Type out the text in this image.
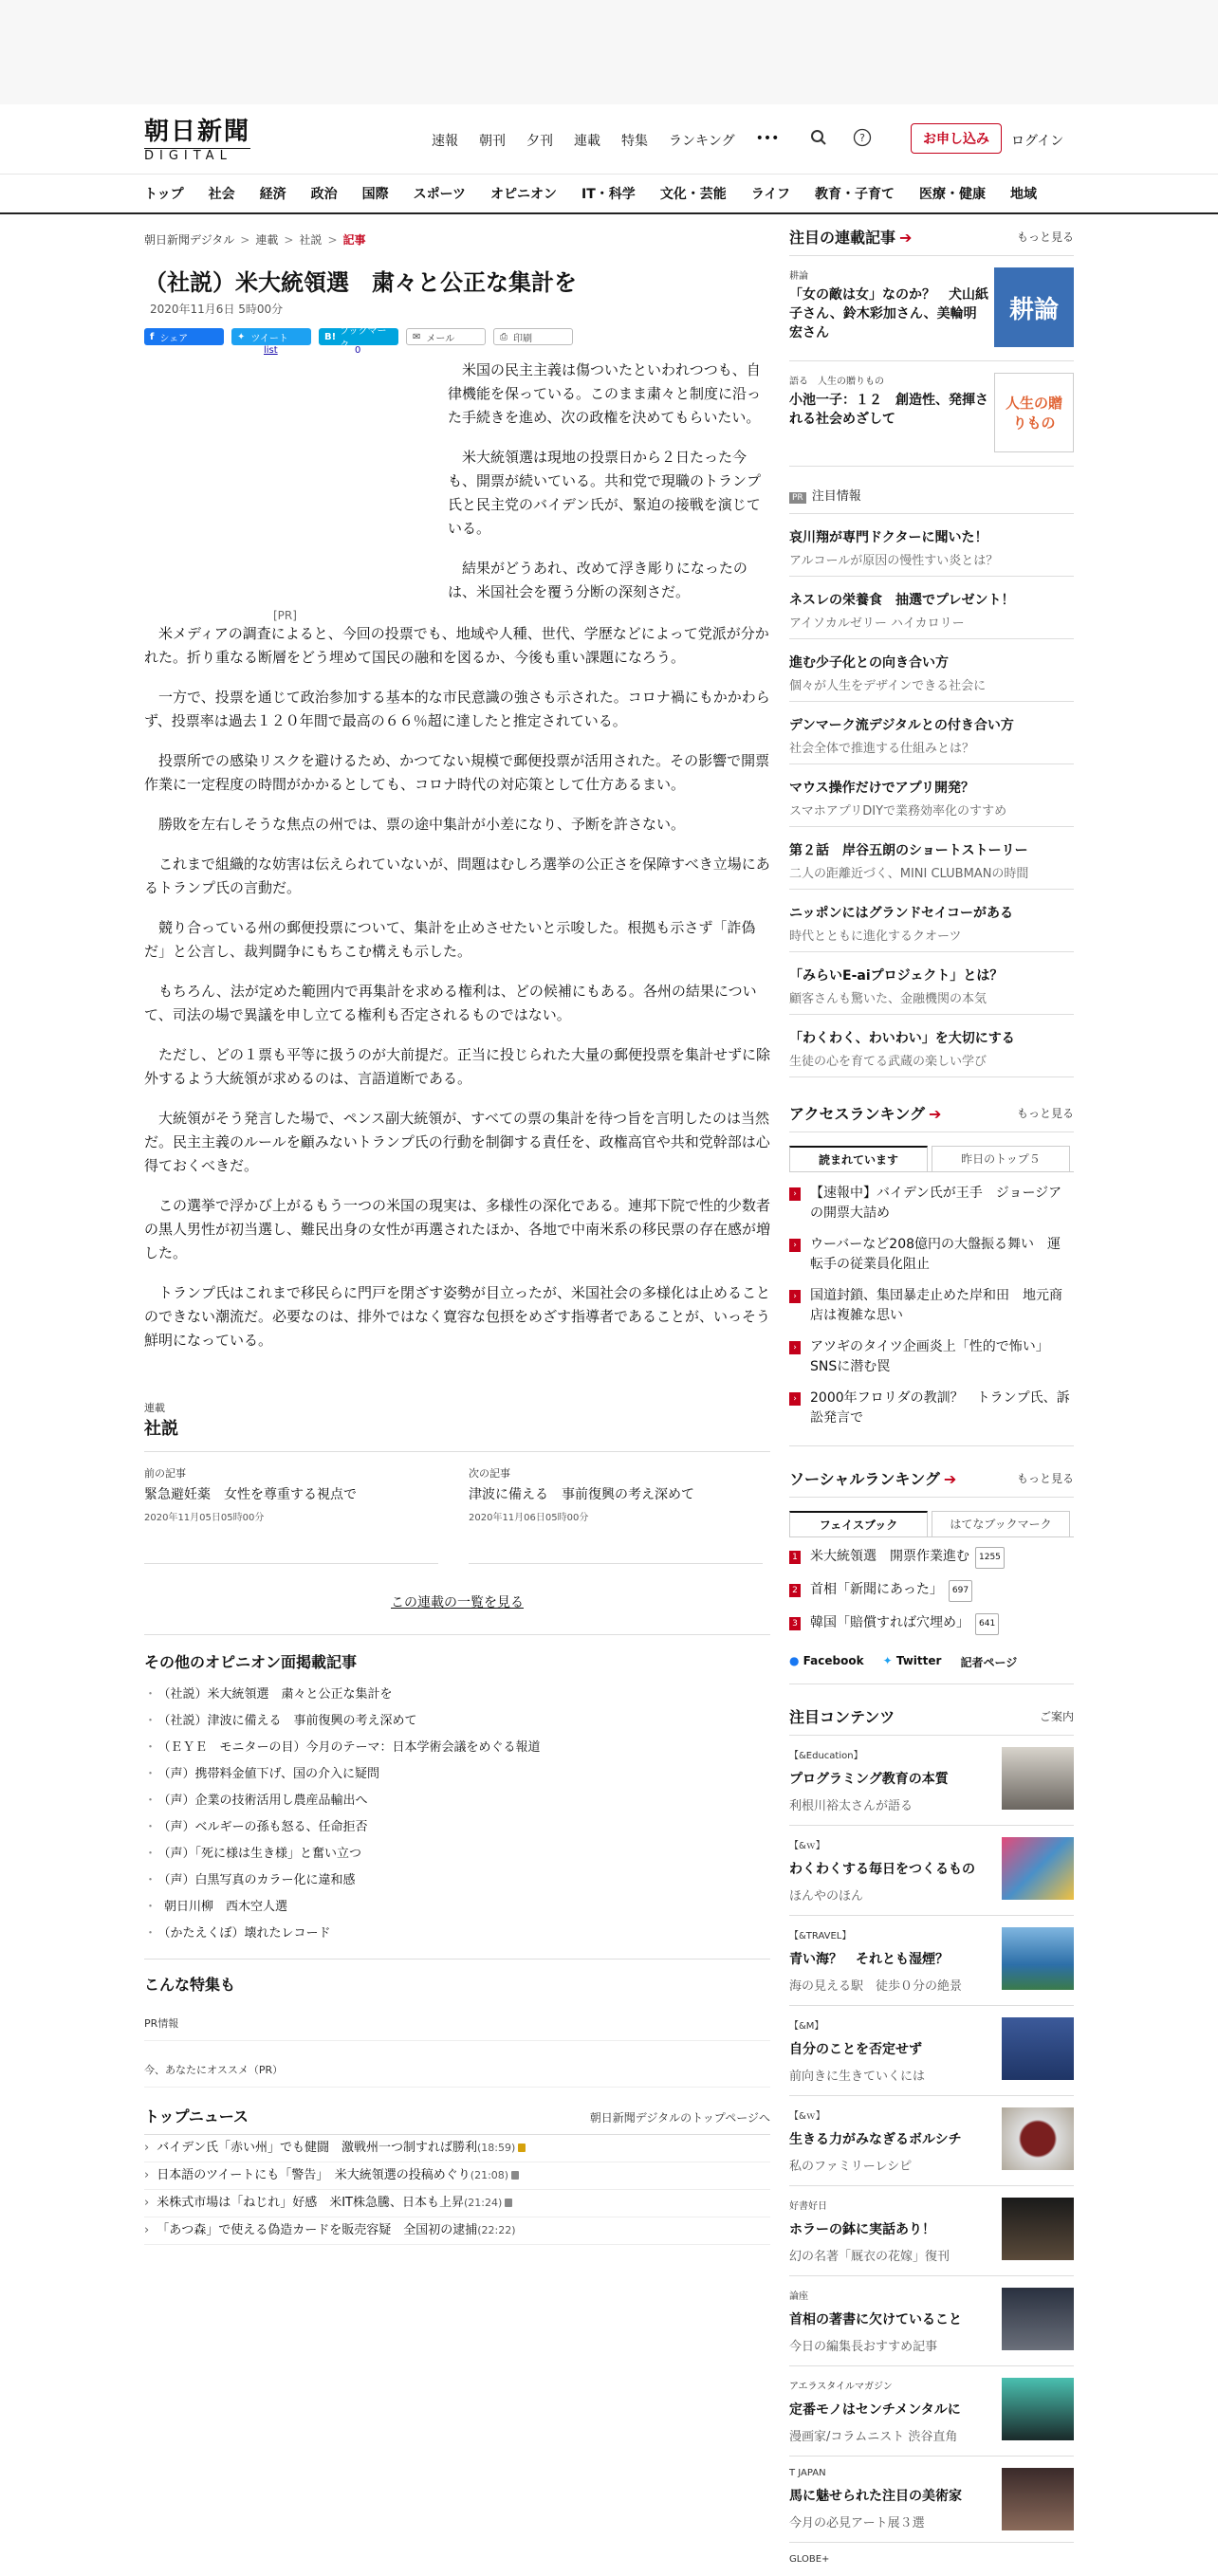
朝日新聞
DIGITAL
速報 朝刊 夕刊 連載 特集 ランキング •••	?	お申し込み	ログイン
トップ 社会 経済 政治 国際 スポーツ オピニオン IT・科学 文化・芸能 ライフ 教育・子育て 医療・健康 地域
朝日新聞デジタル > 連載 > 社説 > 記事
（社説）米大統領選　粛々と公正な集計を
2020年11月6日 5時00分
f シェア	✦ ツイート	B! ブックマーク
✉ メール	⎙ 印刷
list	0
[PR]

米国の民主主義は傷ついたといわれつつも、自律機能を保っている。このまま粛々と制度に沿った手続きを進め、次の政権を決めてもらいたい。

米大統領選は現地の投票日から２日たった今も、開票が続いている。共和党で現職のトランプ氏と民主党のバイデン氏が、緊迫の接戦を演じている。

結果がどうあれ、改めて浮き彫りになったのは、米国社会を覆う分断の深刻さだ。

米メディアの調査によると、今回の投票でも、地域や人種、世代、学歴などによって党派が分かれた。折り重なる断層をどう埋めて国民の融和を図るか、今後も重い課題になろう。

一方で、投票を通じて政治参加する基本的な市民意識の強さも示された。コロナ禍にもかかわらず、投票率は過去１２０年間で最高の６６％超に達したと推定されている。

投票所での感染リスクを避けるため、かつてない規模で郵便投票が活用された。その影響で開票作業に一定程度の時間がかかるとしても、コロナ時代の対応策として仕方あるまい。

勝敗を左右しそうな焦点の州では、票の途中集計が小差になり、予断を許さない。

これまで組織的な妨害は伝えられていないが、問題はむしろ選挙の公正さを保障すべき立場にあるトランプ氏の言動だ。

競り合っている州の郵便投票について、集計を止めさせたいと示唆した。根拠も示さず「詐偽だ」と公言し、裁判闘争にもちこむ構えも示した。

もちろん、法が定めた範囲内で再集計を求める権利は、どの候補にもある。各州の結果について、司法の場で異議を申し立てる権利も否定されるものではない。

ただし、どの１票も平等に扱うのが大前提だ。正当に投じられた大量の郵便投票を集計せずに除外するよう大統領が求めるのは、言語道断である。

大統領がそう発言した場で、ペンス副大統領が、すべての票の集計を待つ旨を言明したのは当然だ。民主主義のルールを顧みないトランプ氏の行動を制御する責任を、政権高官や共和党幹部は心得ておくべきだ。

この選挙で浮かび上がるもう一つの米国の現実は、多様性の深化である。連邦下院で性的少数者の黒人男性が初当選し、難民出身の女性が再選されたほか、各地で中南米系の移民票の存在感が増した。

トランプ氏はこれまで移民らに門戸を閉ざす姿勢が目立ったが、米国社会の多様化は止めることのできない潮流だ。必要なのは、排外ではなく寛容な包摂をめざす指導者であることが、いっそう鮮明になっている。

連載
社説
前の記事
緊急避妊薬　女性を尊重する視点で
2020年11月05日05時00分
次の記事
津波に備える　事前復興の考え深めて
2020年11月06日05時00分
この連載の一覧を見る
その他のオピニオン面掲載記事
・ （社説）米大統領選　粛々と公正な集計を
・ （社説）津波に備える　事前復興の考え深めて
・ （ＥＹＥ　モニターの目）今月のテーマ：日本学術会議をめぐる報道
・ （声）携帯料金値下げ、国の介入に疑問
・ （声）企業の技術活用し農産品輸出へ
・ （声）ベルギーの孫も怒る、任命拒否
・ （声）「死に様は生き様」と奮い立つ
・ （声）白黒写真のカラー化に違和感
・ 朝日川柳　西木空人選
・ （かたえくぼ）壊れたレコード
こんな特集も
PR情報
今、あなたにオススメ（PR）
トップニュース	朝日新聞デジタルのトップページへ
› バイデン氏「赤い州」でも健闘　激戦州一つ制すれば勝利(18:59)
› 日本語のツイートにも「警告」　米大統領選の投稿めぐり(21:08)
› 米株式市場は「ねじれ」好感　米IT株急騰、日本も上昇(21:24)
› 「あつ森」で使える偽造カードを販売容疑　全国初の逮捕(22:22)
注目の連載記事 ➔	もっと見る
耕論
「女の敵は女」なのか？　犬山紙子さん、鈴木彩加さん、美輪明宏さん
耕論
語る　人生の贈りもの
小池一子：１２　創造性、発揮される社会めざして
人生の贈りもの
PR 注目情報
哀川翔が専門ドクターに聞いた！
アルコールが原因の慢性すい炎とは？
ネスレの栄養食　抽選でプレゼント！
アイソカルゼリー ハイカロリー
進む少子化との向き合い方
個々が人生をデザインできる社会に
デンマーク流デジタルとの付き合い方
社会全体で推進する仕組みとは？
マウス操作だけでアプリ開発？
スマホアプリDIYで業務効率化のすすめ
第２話　岸谷五朗のショートストーリー
二人の距離近づく、MINI CLUBMANの時間
ニッポンにはグランドセイコーがある
時代とともに進化するクオーツ
「みらいE-aiプロジェクト」とは？
顧客さんも驚いた、金融機関の本気
「わくわく、わいわい」を大切にする
生徒の心を育てる武蔵の楽しい学び
アクセスランキング ➔	もっと見る
読まれています	昨日のトップ５
›
【速報中】バイデン氏が王手　ジョージアの開票大詰め
›
ウーバーなど208億円の大盤振る舞い　運転手の従業員化阻止
›
国道封鎖、集団暴走止めた岸和田　地元商店は複雑な思い
›
アツギのタイツ企画炎上「性的で怖い」　SNSに潜む罠
›
2000年フロリダの教訓？　トランプ氏、訴訟発言で
ソーシャルランキング ➔	もっと見る
フェイスブック	はてなブックマーク
1 米大統領選　開票作業進む	1255
2 首相「新聞にあった」	697
3 韓国「賠償すれば穴埋め」	641
● Facebook ✦ Twitter 記者ページ
注目コンテンツ	ご案内
【&Education】
プログラミング教育の本質
利根川裕太さんが語る
【&ｗ】
わくわくする毎日をつくるもの
ほんやのほん
【&TRAVEL】
青い海？　それとも湿煙？
海の見える駅　徒歩０分の絶景
【&M】
自分のことを否定せず
前向きに生きていくには
【&ｗ】
生きる力がみなぎるボルシチ
私のファミリーレシピ
好書好日
ホラーの鉢に実話あり！
幻の名著「厩衣の花嫁」復刊
論座
首相の著書に欠けていること
今日の編集長おすすめ記事
アエラスタイルマガジン
定番モノはセンチメンタルに
漫画家/コラムニスト 渋谷直角
T JAPAN
馬に魅せられた注目の美術家
今月の必見アート展３選
GLOBE+
